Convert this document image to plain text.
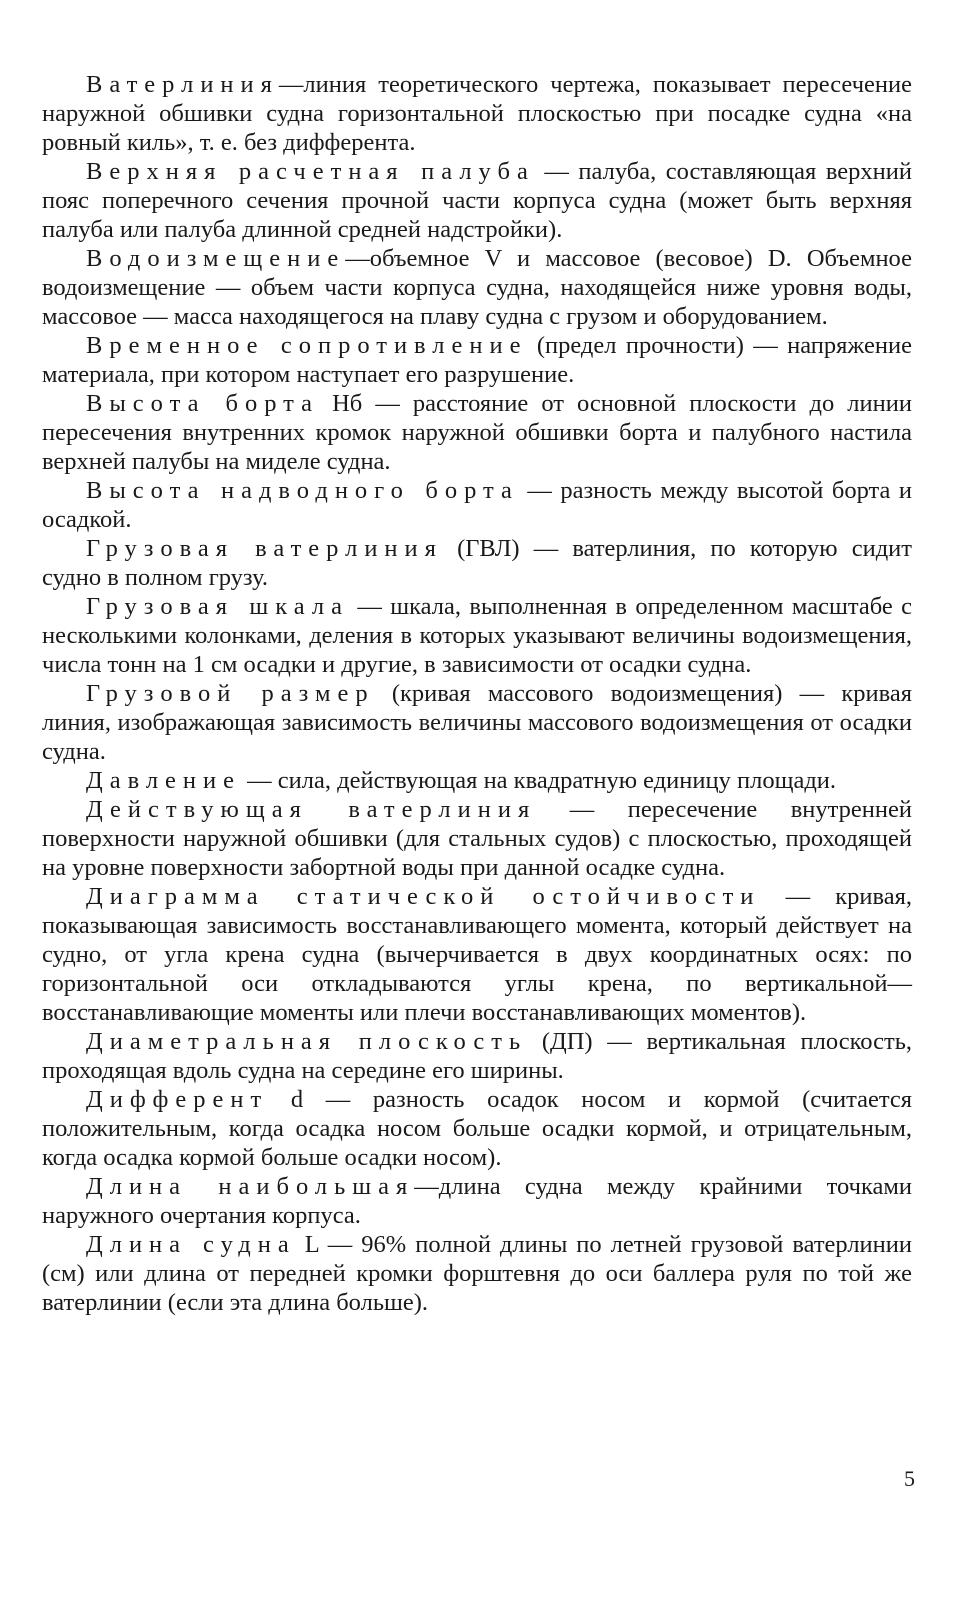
Ватерлиния—линия теоретического чертежа, показывает пересечение наружной обшивки судна горизонтальной плоскостью при посадке судна «на ровный киль», т. е. без дифферента.

Верхняя расчетная палуба — палуба, составляющая верхний пояс поперечного сечения прочной части корпуса судна (может быть верхняя палуба или палуба длинной средней надстройки).

Водоизмещение—объемное V и массовое (весовое) D. Объемное водоизмещение — объем части корпуса судна, находящейся ниже уровня воды, массовое — масса находящегося на плаву судна с грузом и оборудованием.

Временное сопротивление (предел прочности) — напряжение материала, при котором наступает его разрушение.

Высота борта Нб — расстояние от основной плоскости до линии пересечения внутренних кромок наружной обшивки борта и палубного настила верхней палубы на миделе судна.

Высота надводного борта — разность между высотой борта и осадкой.

Грузовая ватерлиния (ГВЛ) — ватерлиния, по которую сидит судно в полном грузу.

Грузовая шкала — шкала, выполненная в определенном масштабе с несколькими колонками, деления в которых указывают величины водоизмещения, числа тонн на 1 см осадки и другие, в зависимости от осадки судна.

Грузовой размер (кривая массового водоизмещения) — кривая линия, изображающая зависимость величины массового водоизмещения от осадки судна.

Давление — сила, действующая на квадратную единицу площади.

Действующая ватерлиния — пересечение внутренней поверхности наружной обшивки (для стальных судов) с плоскостью, проходящей на уровне поверхности забортной воды при данной осадке судна.

Диаграмма статической остойчивости — кривая, показывающая зависимость восстанавливающего момента, который действует на судно, от угла крена судна (вычерчивается в двух координатных осях: по горизонтальной оси откладываются углы крена, по вертикальной—восстанавливающие моменты или плечи восстанавливающих моментов).

Диаметральная плоскость (ДП) — вертикальная плоскость, проходящая вдоль судна на середине его ширины.

Дифферент d — разность осадок носом и кормой (считается положительным, когда осадка носом больше осадки кормой, и отрицательным, когда осадка кормой больше осадки носом).

Длина наибольшая—длина судна между крайними точками наружного очертания корпуса.

Длина судна L — 96% полной длины по летней грузовой ватерлинии (см) или длина от передней кромки форштевня до оси баллера руля по той же ватерлинии (если эта длина больше).

5
